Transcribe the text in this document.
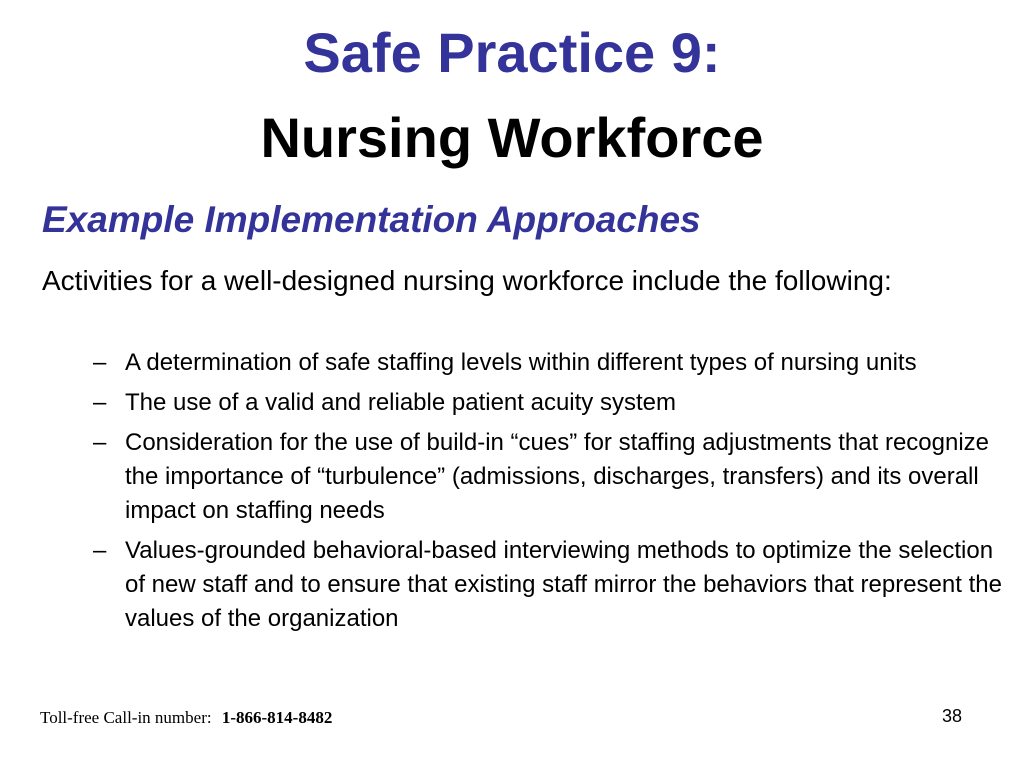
Safe Practice 9:
Nursing Workforce
Example Implementation Approaches
Activities for a well-designed nursing workforce include the following:
– A determination of safe staffing levels within different types of nursing units
– The use of a valid and reliable patient acuity system
– Consideration for the use of build-in “cues” for staffing adjustments that recognize the importance of “turbulence” (admissions, discharges, transfers) and its overall impact on staffing needs
– Values-grounded behavioral-based interviewing methods to optimize the selection of new staff and to ensure that existing staff mirror the behaviors that represent the values of the organization
Toll-free Call-in number: 1-866-814-8482	38
